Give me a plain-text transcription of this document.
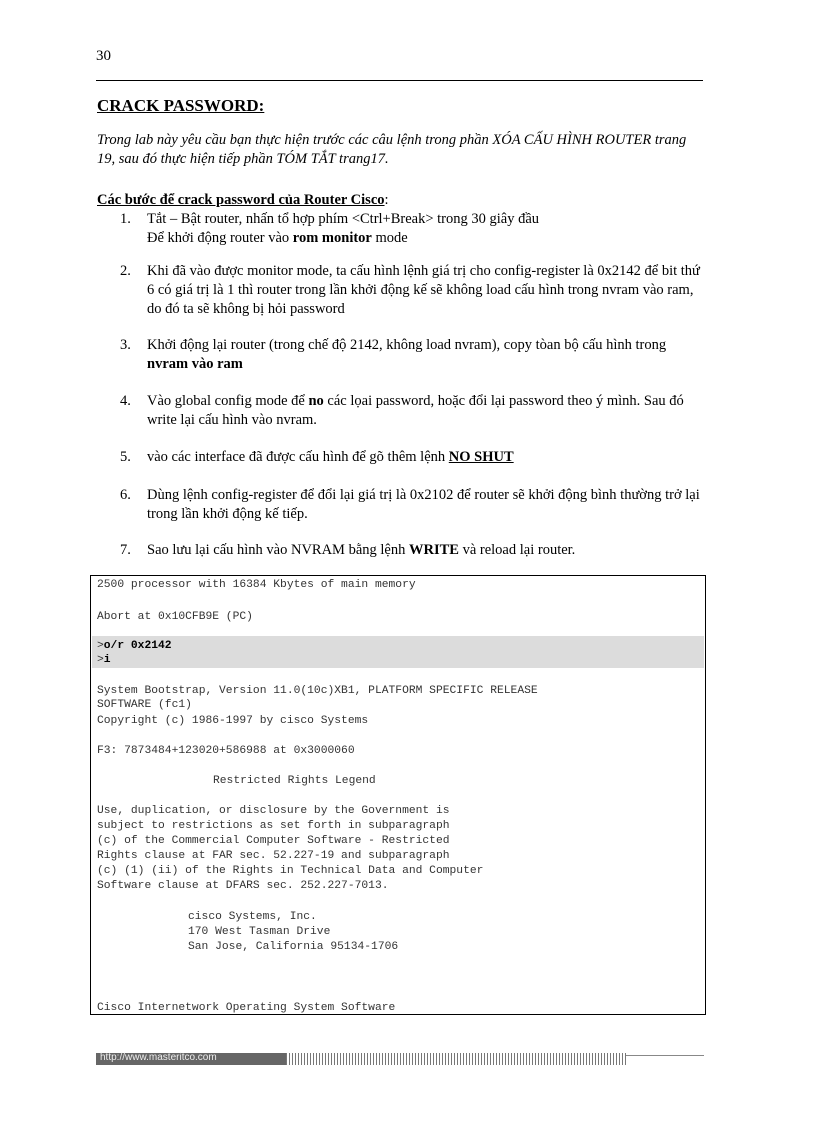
30
CRACK PASSWORD:
Trong lab này yêu cầu bạn thực hiện trước các câu lệnh trong phần XÓA CẤU HÌNH ROUTER trang 19, sau đó thực hiện tiếp phần TÓM TẮT trang17.
Các bước để crack password của Router Cisco:
1. Tắt – Bật router, nhấn tổ hợp phím <Ctrl+Break> trong 30 giây đầu
Để khởi động router vào rom monitor mode
2. Khi đã vào được monitor mode, ta cấu hình lệnh giá trị cho config-register là 0x2142 để bit thứ 6 có giá trị là 1 thì router trong lần khởi động kế sẽ không load cấu hình trong nvram vào ram, do đó ta sẽ không bị hỏi password
3. Khởi động lại router (trong chế độ 2142, không load nvram), copy tòan bộ cấu hình trong nvram vào ram
4. Vào global config mode để no các lọai password, hoặc đổi lại password theo ý mình. Sau đó write lại cấu hình vào nvram.
5. vào các interface đã được cấu hình để gõ thêm lệnh NO SHUT
6. Dùng lệnh config-register để đổi lại giá trị là 0x2102 để router sẽ khởi động bình thường trở lại trong lần khởi động kế tiếp.
7. Sao lưu lại cấu hình vào NVRAM bằng lệnh WRITE và reload lại router.
2500 processor with 16384 Kbytes of main memory
Abort at 0x10CFB9E (PC)
>o/r 0x2142
>i
System Bootstrap, Version 11.0(10c)XB1, PLATFORM SPECIFIC RELEASE
SOFTWARE (fc1)
Copyright (c) 1986-1997 by cisco Systems
F3: 7873484+123020+586988 at 0x3000060
Restricted Rights Legend
Use, duplication, or disclosure by the Government is
subject to restrictions as set forth in subparagraph
(c) of the Commercial Computer Software - Restricted
Rights clause at FAR sec. 52.227-19 and subparagraph
(c) (1) (ii) of the Rights in Technical Data and Computer
Software clause at DFARS sec. 252.227-7013.
cisco Systems, Inc.
170 West Tasman Drive
San Jose, California 95134-1706
Cisco Internetwork Operating System Software
http://www.masteritco.com
